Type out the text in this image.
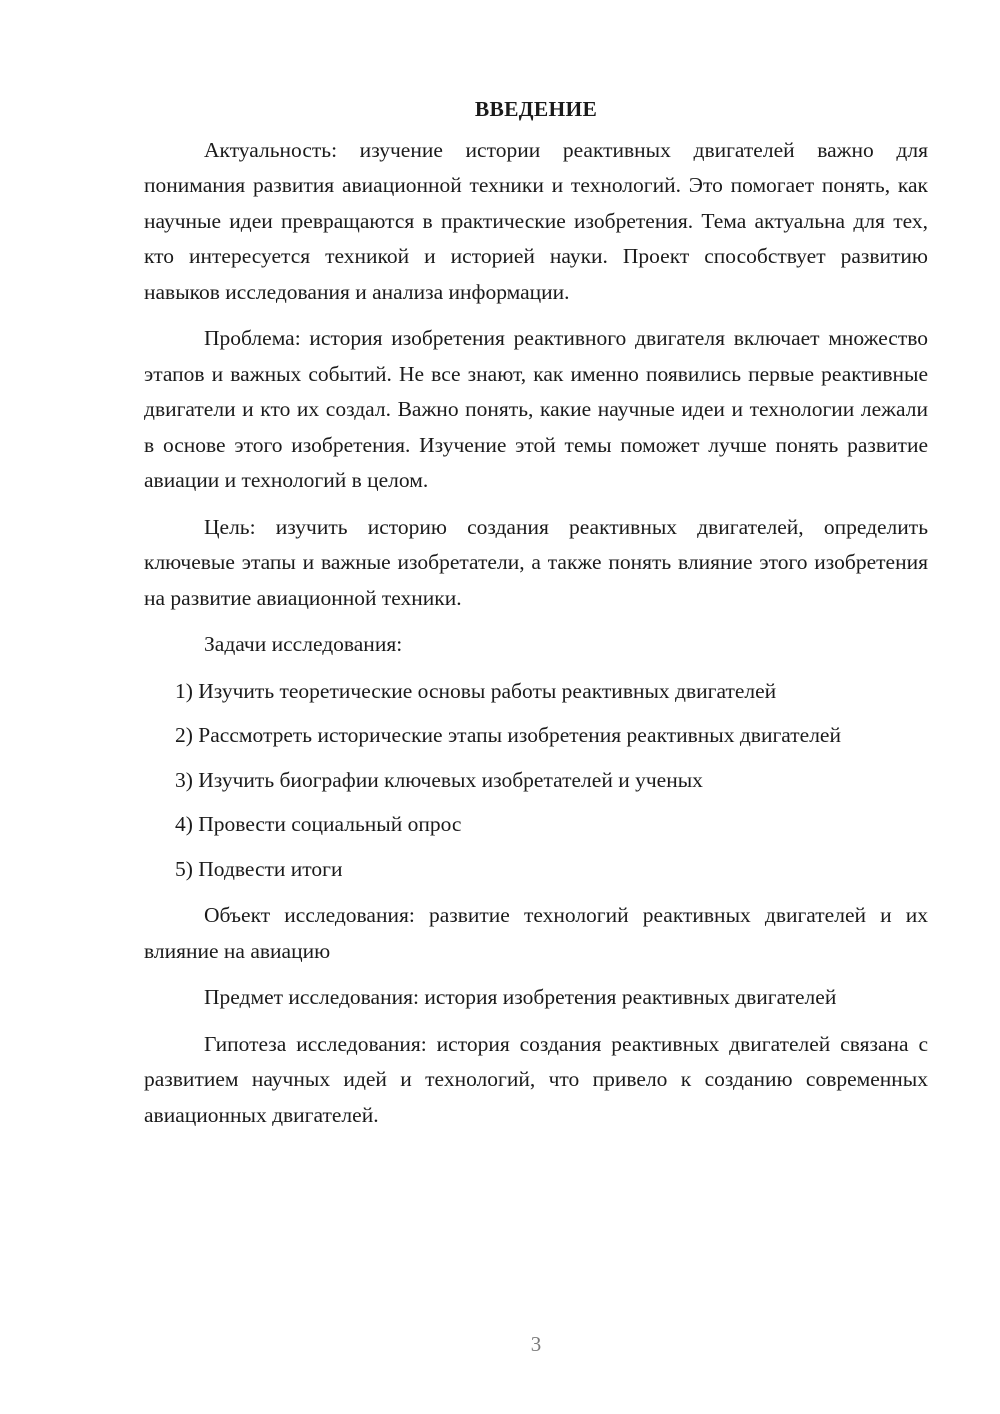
ВВЕДЕНИЕ

Актуальность: изучение истории реактивных двигателей важно для понимания развития авиационной техники и технологий. Это помогает понять, как научные идеи превращаются в практические изобретения. Тема актуальна для тех, кто интересуется техникой и историей науки. Проект способствует развитию навыков исследования и анализа информации.

Проблема: история изобретения реактивного двигателя включает множество этапов и важных событий. Не все знают, как именно появились первые реактивные двигатели и кто их создал. Важно понять, какие научные идеи и технологии лежали в основе этого изобретения. Изучение этой темы поможет лучше понять развитие авиации и технологий в целом.

Цель: изучить историю создания реактивных двигателей, определить ключевые этапы и важные изобретатели, а также понять влияние этого изобретения на развитие авиационной техники.

Задачи исследования:

1) Изучить теоретические основы работы реактивных двигателей

2) Рассмотреть исторические этапы изобретения реактивных двигателей

3) Изучить биографии ключевых изобретателей и ученых

4) Провести социальный опрос

5) Подвести итоги

Объект исследования: развитие технологий реактивных двигателей и их влияние на авиацию

Предмет исследования: история изобретения реактивных двигателей

Гипотеза исследования: история создания реактивных двигателей связана с развитием научных идей и технологий, что привело к созданию современных авиационных двигателей.

3
